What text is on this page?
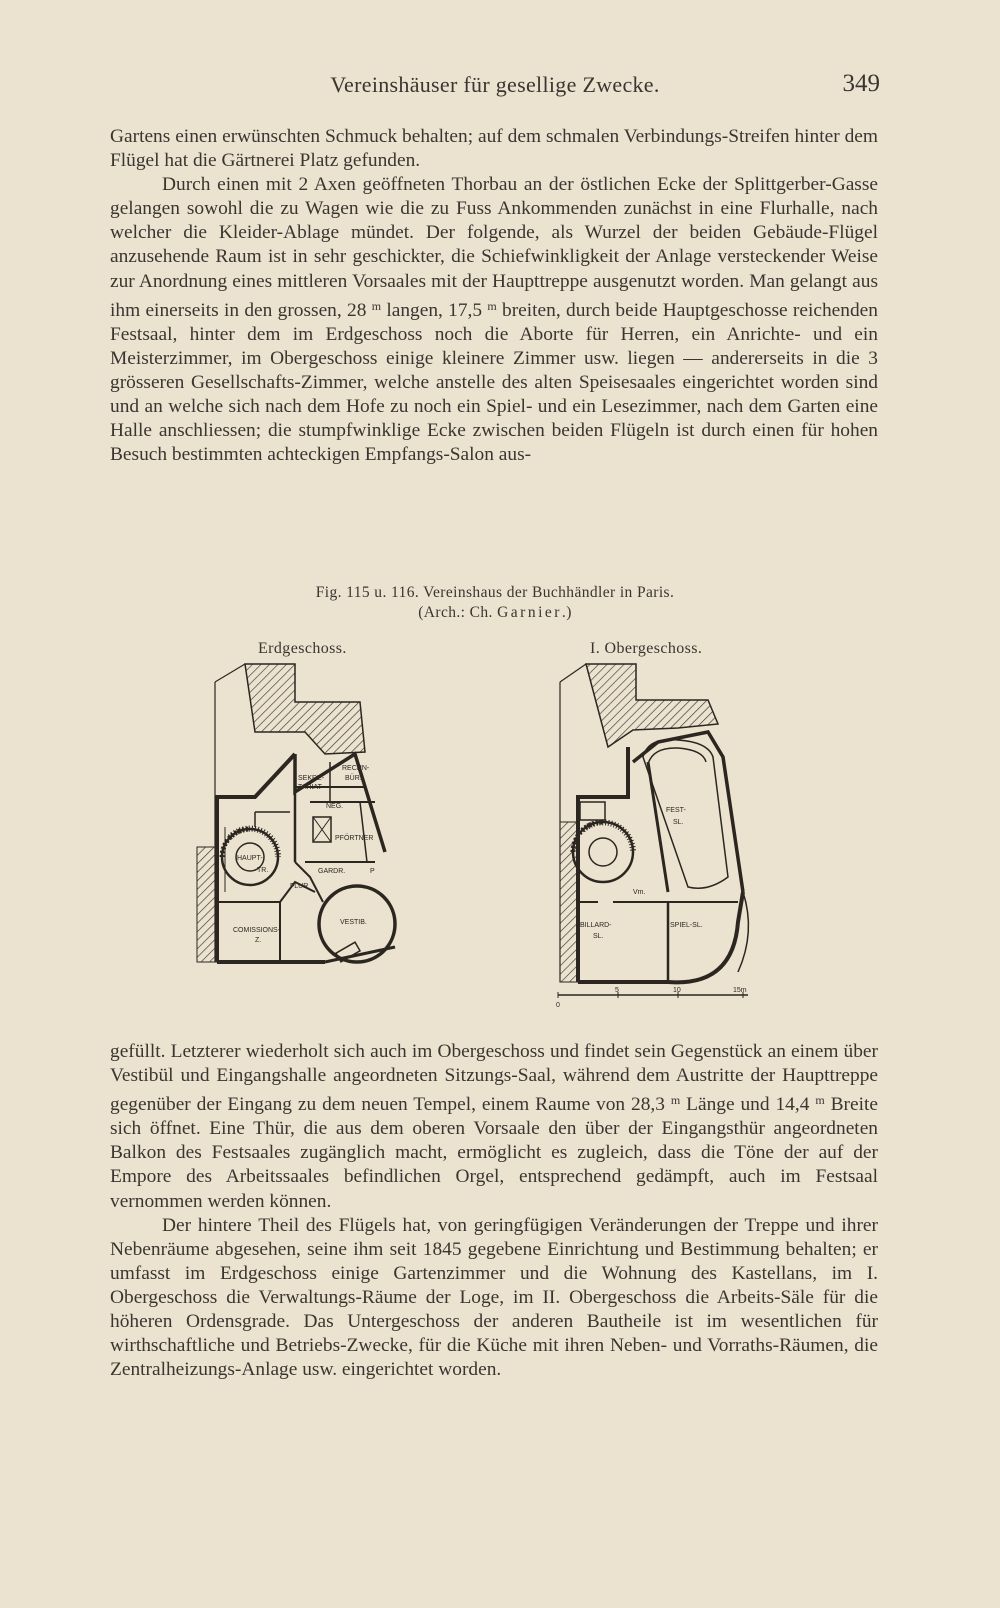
Vereinshäuser für gesellige Zwecke.	349

Gartens einen erwünschten Schmuck behalten; auf dem schmalen Verbindungs-Streifen hinter dem Flügel hat die Gärtnerei Platz gefunden.

Durch einen mit 2 Axen geöffneten Thorbau an der östlichen Ecke der Splittgerber-Gasse gelangen sowohl die zu Wagen wie die zu Fuss Ankommenden zunächst in eine Flurhalle, nach welcher die Kleider-Ablage mündet. Der folgende, als Wurzel der beiden Gebäude-Flügel anzusehende Raum ist in sehr geschickter, die Schiefwinkligkeit der Anlage versteckender Weise zur Anordnung eines mittleren Vorsaales mit der Haupttreppe ausgenutzt worden. Man gelangt aus ihm einerseits in den grossen, 28 $^m$ langen, 17,5 $^m$ breiten, durch beide Hauptgeschosse reichenden Festsaal, hinter dem im Erdgeschoss noch die Aborte für Herren, ein Anrichte- und ein Meisterzimmer, im Obergeschoss einige kleinere Zimmer usw. liegen — andererseits in die 3 grösseren Gesellschafts-Zimmer, welche anstelle des alten Speisesaales eingerichtet worden sind und an welche sich nach dem Hofe zu noch ein Spiel- und ein Lesezimmer, nach dem Garten eine Halle anschliessen; die stumpfwinklige Ecke zwischen beiden Flügeln ist durch einen für hohen Besuch bestimmten achteckigen Empfangs-Salon aus-

Fig. 115 u. 116. Vereinshaus der Buchhändler in Paris.
(Arch.: Ch. Garnier.)
Erdgeschoss.	I. Obergeschoss.
RECHN-
BÜR.
SEKRE-
TARIAT
NEG.
PFÖRTNER
HAUPT-
TR.	GARDR.	P
FLUR
VESTIB.
COMISSIONS-
Z.
0
5	10	15m
FEST-
SL.
Vm.
BILLARD-
SL.
SPIEL-SL.

gefüllt. Letzterer wiederholt sich auch im Obergeschoss und findet sein Gegenstück an einem über Vestibül und Eingangshalle angeordneten Sitzungs-Saal, während dem Austritte der Haupttreppe gegenüber der Eingang zu dem neuen Tempel, einem Raume von 28,3 $^m$ Länge und 14,4 $^m$ Breite sich öffnet. Eine Thür, die aus dem oberen Vorsaale den über der Eingangsthür angeordneten Balkon des Festsaales zugänglich macht, ermöglicht es zugleich, dass die Töne der auf der Empore des Arbeitssaales befindlichen Orgel, entsprechend gedämpft, auch im Festsaal vernommen werden können.

Der hintere Theil des Flügels hat, von geringfügigen Veränderungen der Treppe und ihrer Nebenräume abgesehen, seine ihm seit 1845 gegebene Einrichtung und Bestimmung behalten; er umfasst im Erdgeschoss einige Gartenzimmer und die Wohnung des Kastellans, im I. Obergeschoss die Verwaltungs-Räume der Loge, im II. Obergeschoss die Arbeits-Säle für die höheren Ordensgrade. Das Untergeschoss der anderen Bautheile ist im wesentlichen für wirthschaftliche und Betriebs-Zwecke, für die Küche mit ihren Neben- und Vorraths-Räumen, die Zentralheizungs-Anlage usw. eingerichtet worden.
